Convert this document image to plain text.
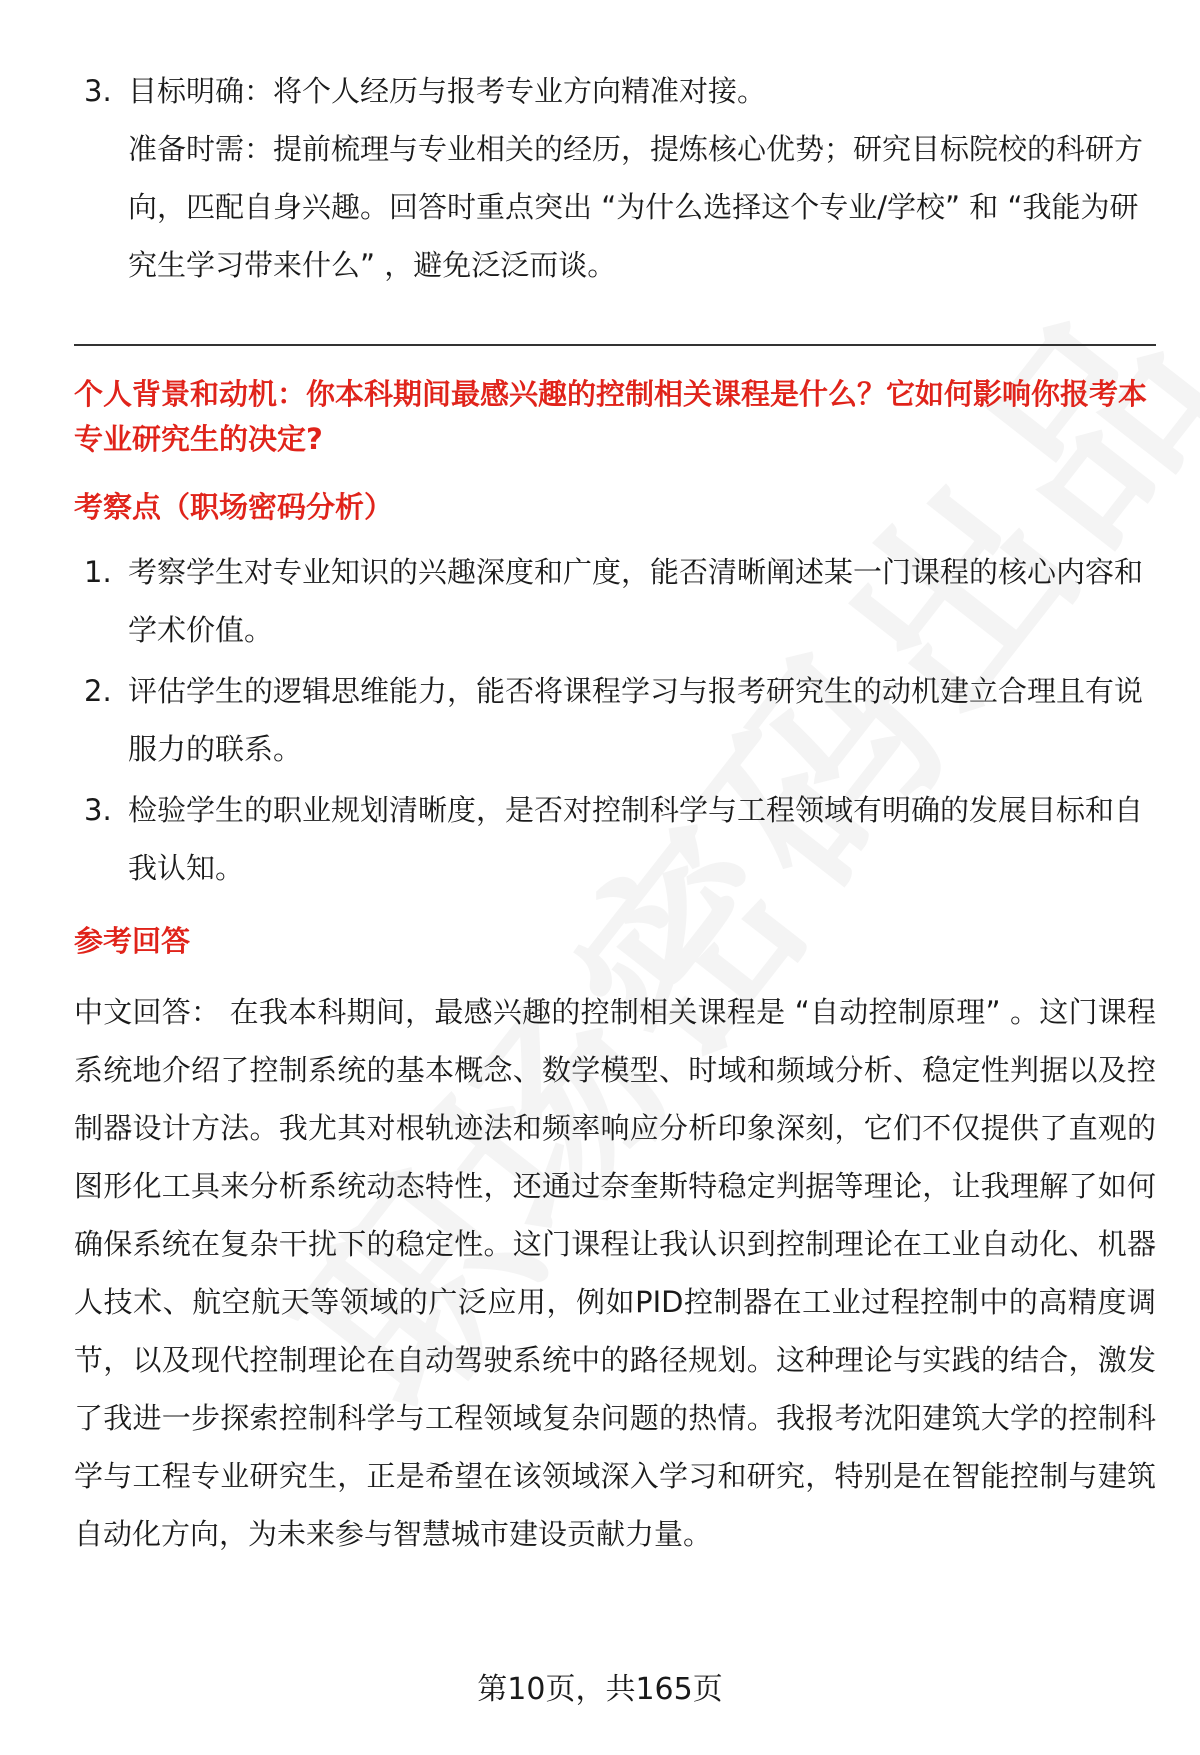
3. 目标明确：将个人经历与报考专业方向精准对接。
准备时需：提前梳理与专业相关的经历，提炼核心优势；研究目标院校的科研方向，匹配自身兴趣。回答时重点突出 “为什么选择这个专业/学校” 和 “我能为研究生学习带来什么” ，避免泛泛而谈。
个人背景和动机：你本科期间最感兴趣的控制相关课程是什么？它如何影响你报考本专业研究生的决定?
考察点（职场密码分析）
1. 考察学生对专业知识的兴趣深度和广度，能否清晰阐述某一门课程的核心内容和学术价值。
2. 评估学生的逻辑思维能力，能否将课程学习与报考研究生的动机建立合理且有说服力的联系。
3. 检验学生的职业规划清晰度，是否对控制科学与工程领域有明确的发展目标和自我认知。
参考回答
中文回答： 在我本科期间，最感兴趣的控制相关课程是 “自动控制原理” 。这门课程系统地介绍了控制系统的基本概念、数学模型、时域和频域分析、稳定性判据以及控制器设计方法。我尤其对根轨迹法和频率响应分析印象深刻，它们不仅提供了直观的图形化工具来分析系统动态特性，还通过奈奎斯特稳定判据等理论，让我理解了如何确保系统在复杂干扰下的稳定性。这门课程让我认识到控制理论在工业自动化、机器人技术、航空航天等领域的广泛应用，例如PID控制器在工业过程控制中的高精度调节，以及现代控制理论在自动驾驶系统中的路径规划。这种理论与实践的结合，激发了我进一步探索控制科学与工程领域复杂问题的热情。我报考沈阳建筑大学的控制科学与工程专业研究生，正是希望在该领域深入学习和研究，特别是在智能控制与建筑自动化方向，为未来参与智慧城市建设贡献力量。
第10页，共165页
